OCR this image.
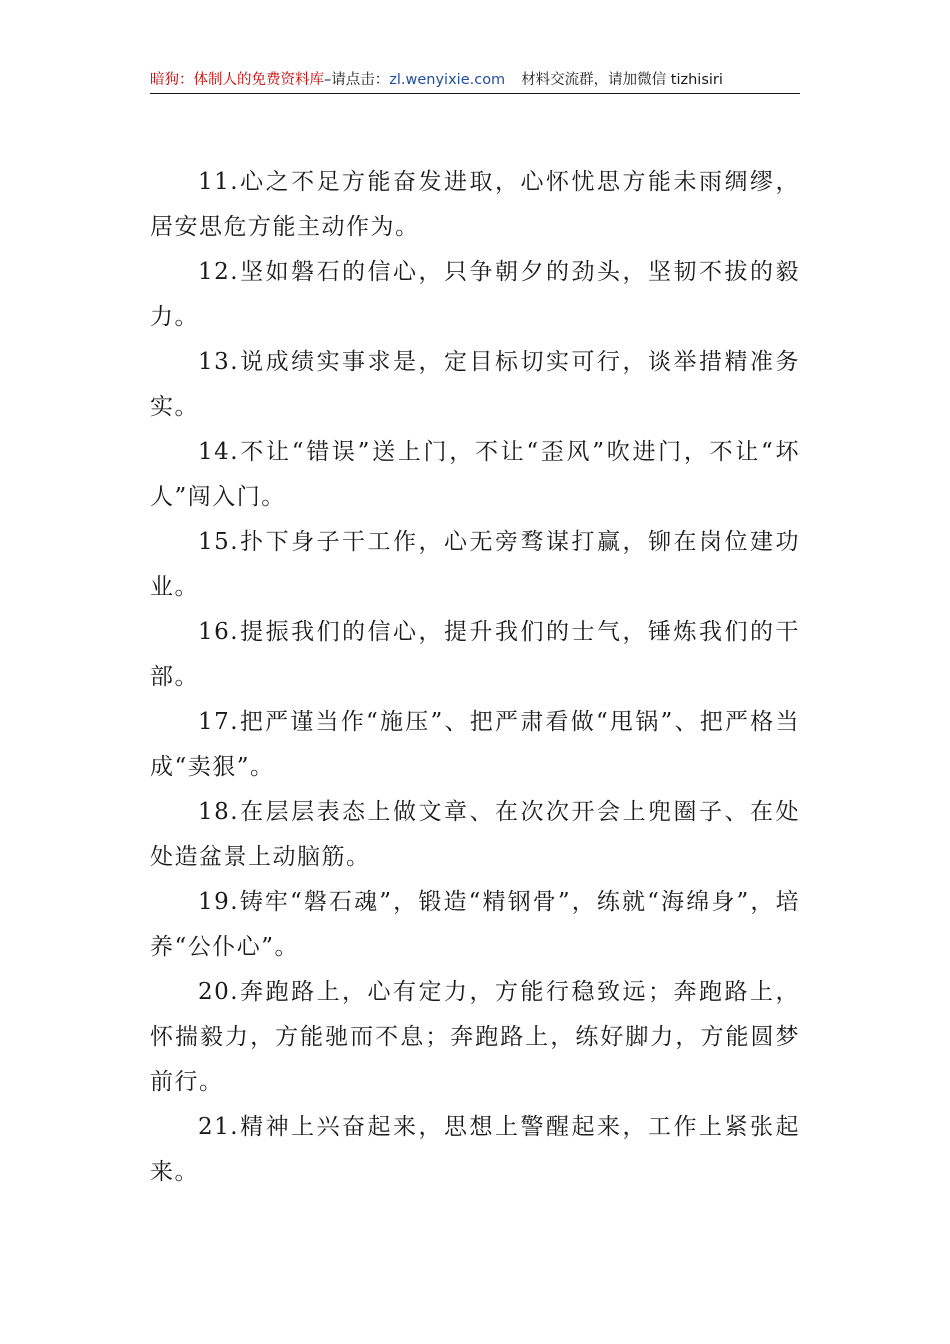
暗狗：体制人的免费资料库–请点击：zl.wenyixie.com 材料交流群，请加微信 tizhisiri

11.心之不足方能奋发进取，心怀忧思方能未雨绸缪，居安思危方能主动作为。

12.坚如磐石的信心，只争朝夕的劲头，坚韧不拔的毅力。

13.说成绩实事求是，定目标切实可行，谈举措精准务实。

14.不让“错误”送上门，不让“歪风”吹进门，不让“坏人”闯入门。

15.扑下身子干工作，心无旁骛谋打赢，铆在岗位建功业。

16.提振我们的信心，提升我们的士气，锤炼我们的干部。

17.把严谨当作“施压”、把严肃看做“甩锅”、把严格当成“卖狠”。

18.在层层表态上做文章、在次次开会上兜圈子、在处处造盆景上动脑筋。

19.铸牢“磐石魂”，锻造“精钢骨”，练就“海绵身”，培养“公仆心”。

20.奔跑路上，心有定力，方能行稳致远；奔跑路上，怀揣毅力，方能驰而不息；奔跑路上，练好脚力，方能圆梦前行。

21.精神上兴奋起来，思想上警醒起来，工作上紧张起来。
